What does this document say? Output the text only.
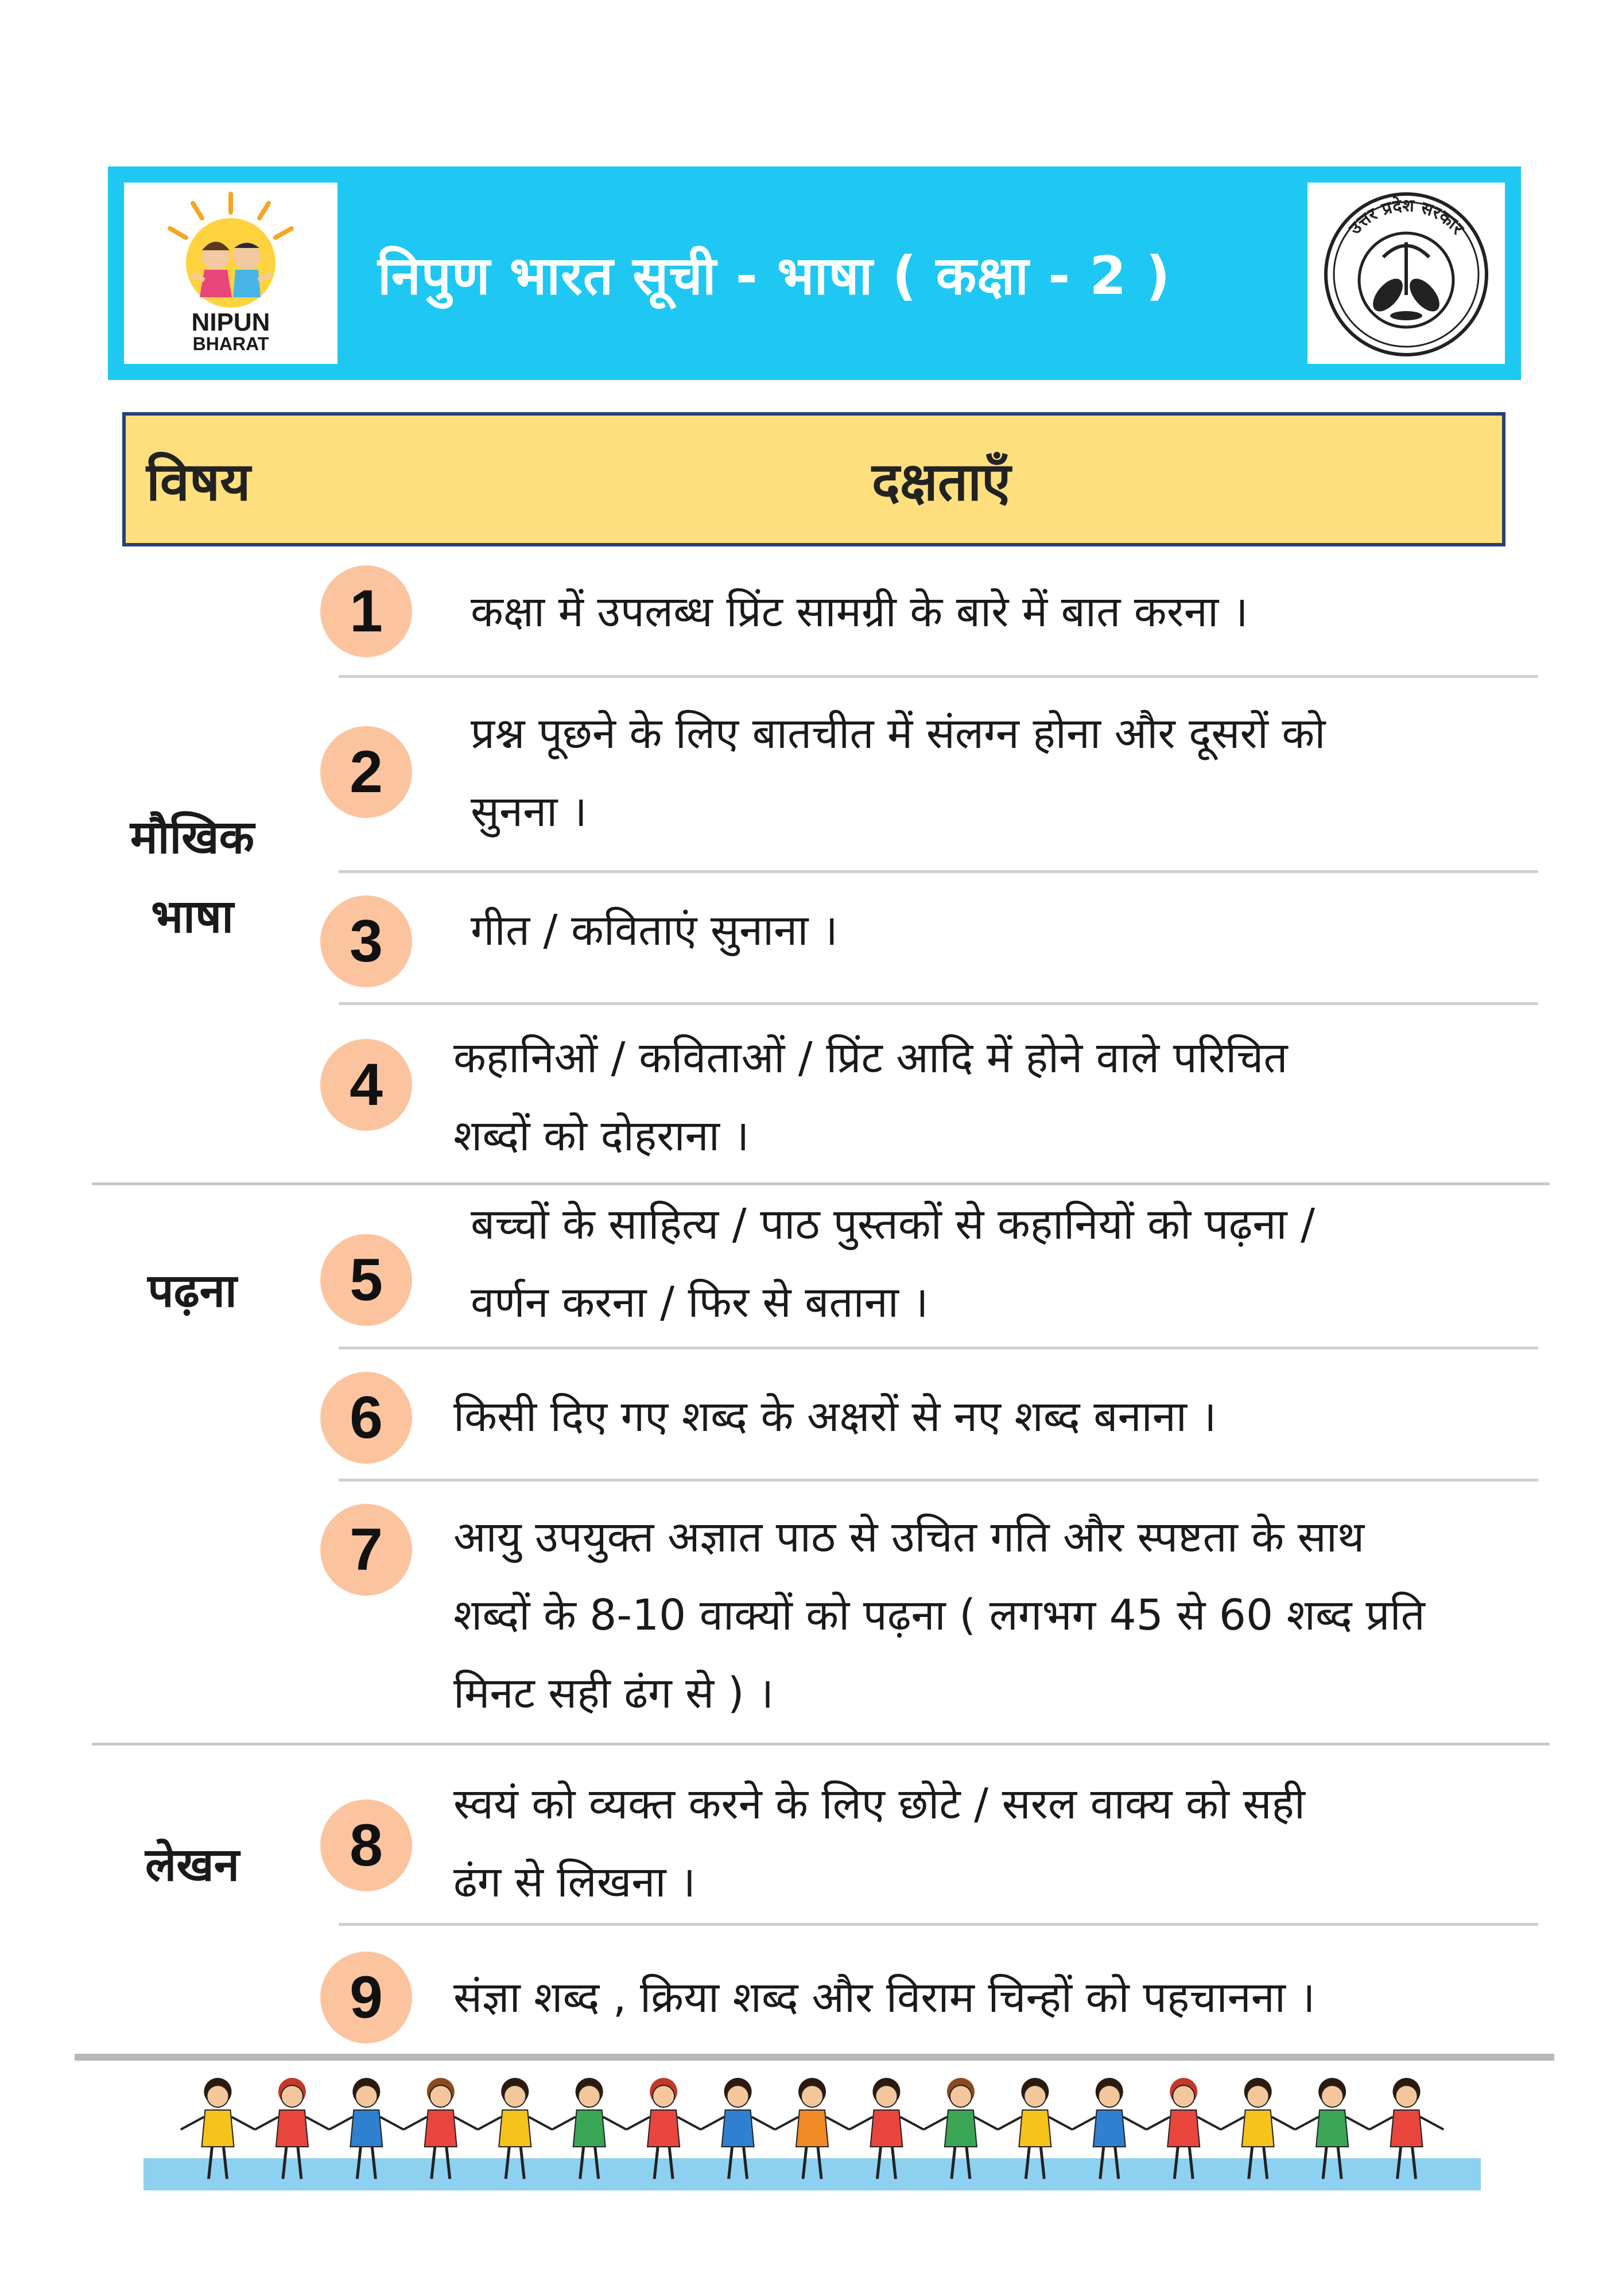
NIPUN
BHARAT
निपुण भारत सूची - भाषा ( कक्षा - 2 )
उत्तर प्रदेश सरकार
विषय	दक्षताएँ
मौखिक
भाषा
1	कक्षा में उपलब्ध प्रिंट सामग्री के बारे में बात करना ।
2
प्रश्न पूछने के लिए बातचीत में संलग्न होना और दूसरों को
सुनना ।
3	गीत / कविताएं सुनाना ।
4	कहानिओं / कविताओं / प्रिंट आदि में होने वाले परिचित
शब्दों को दोहराना ।
पढ़ना	5
बच्चों के साहित्य / पाठ पुस्तकों से कहानियों को पढ़ना /
वर्णन करना / फिर से बताना ।
6	किसी दिए गए शब्द के अक्षरों से नए शब्द बनाना ।
7	आयु उपयुक्त अज्ञात पाठ से उचित गति और स्पष्टता के साथ
शब्दों के 8-10 वाक्यों को पढ़ना ( लगभग 45 से 60 शब्द प्रति
मिनट सही ढंग से ) ।
लेखन	8
स्वयं को व्यक्त करने के लिए छोटे / सरल वाक्य को सही
ढंग से लिखना ।
9	संज्ञा शब्द , क्रिया शब्द और विराम चिन्हों को पहचानना ।
